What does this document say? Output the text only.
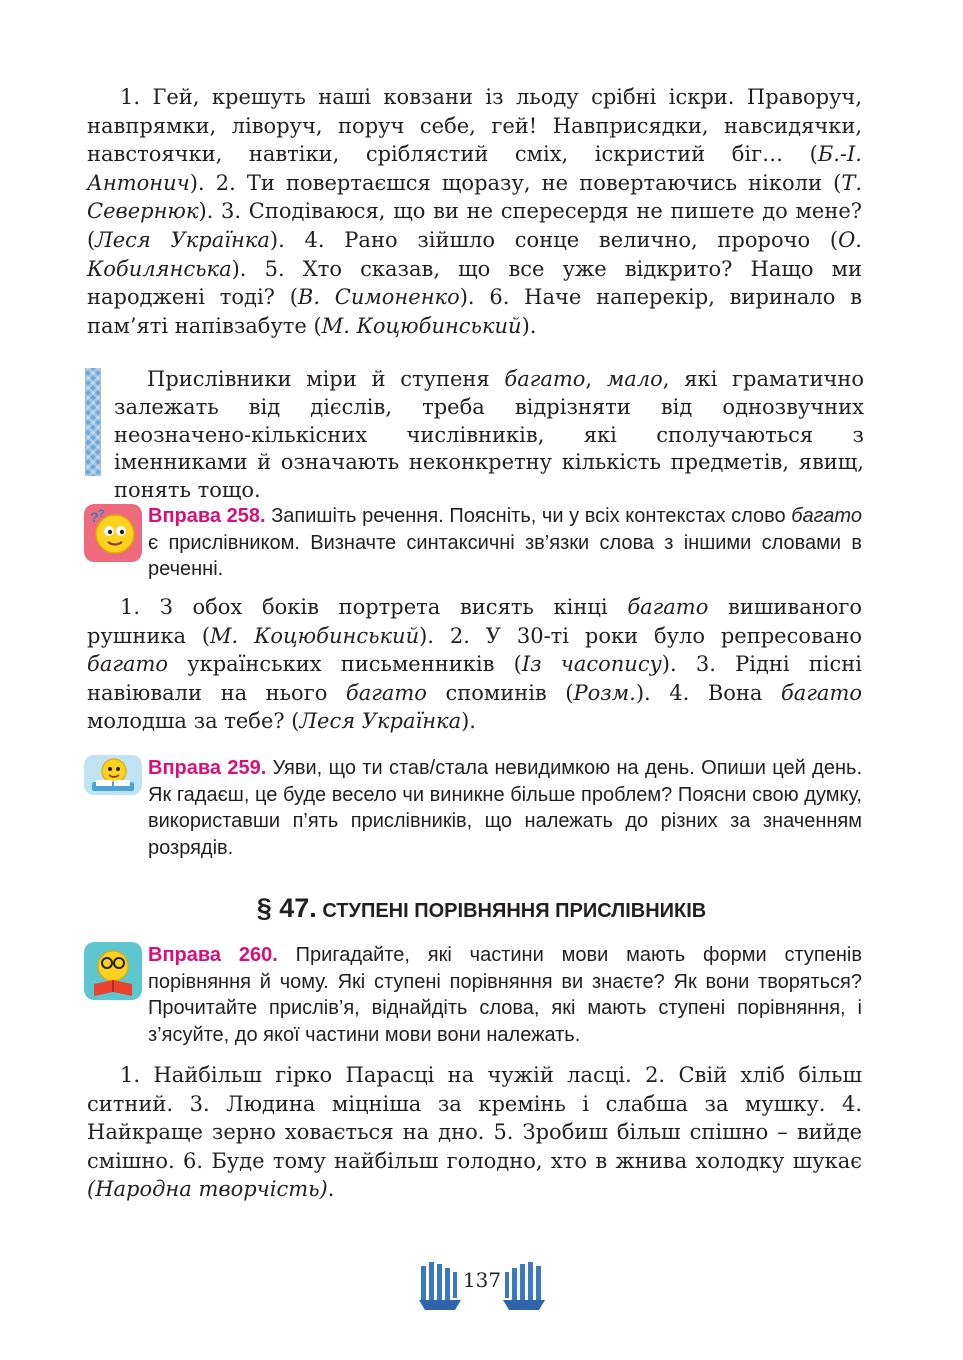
1. Гей, крешуть наші ковзани із льоду срібні іскри. Праворуч, навпрямки, ліворуч, поруч себе, гей! Навприсядки, навсидячки, навстоячки, навтіки, сріблястий сміх, іскристий біг… (Б.-І. Антонич). 2. Ти повертаєшся щоразу, не повертаючись ніколи (Т. Севернюк). 3. Сподіваюся, що ви не спересердя не пишете до мене? (Леся Українка). 4. Рано зійшло сонце велично, пророчо (О. Кобилянська). 5. Хто сказав, що все уже відкрито? Нащо ми народжені тоді? (В. Симоненко). 6. Наче наперекір, виринало в пам’яті напівзабуте (М. Коцюбинський).

Прислівники міри й ступеня багато, мало, які граматично залежать від дієслів, треба відрізняти від однозвучних неозначено-кількісних числівників, які сполучаються з іменниками й означають неконкретну кількість предметів, явищ, понять тощо.

? ? Вправа 258. Запишіть речення. Поясніть, чи у всіх контекстах слово багато є прислівником. Визначте синтаксичні зв’язки слова з іншими словами в реченні.

1. З обох боків портрета висять кінці багато вишиваного рушника (М. Коцюбинський). 2. У 30-ті роки було репресовано багато українських письменників (Із часопису). 3. Рідні пісні навіювали на нього багато споминів (Розм.). 4. Вона багато молодша за тебе? (Леся Українка).

Вправа 259. Уяви, що ти став/стала невидимкою на день. Опиши цей день. Як гадаєш, це буде весело чи виникне більше проблем? Поясни свою думку, використавши п’ять прислівників, що належать до різних за значенням розрядів.

§ 47. СТУПЕНІ ПОРІВНЯННЯ ПРИСЛІВНИКІВ

Вправа 260. Пригадайте, які частини мови мають форми ступенів порівняння й чому. Які ступені порівняння ви знаєте? Як вони творяться? Прочитайте прислів’я, віднайдіть слова, які мають ступені порівняння, і з’ясуйте, до якої частини мови вони належать.

1. Найбільш гірко Парасці на чужій ласці. 2. Свій хліб більш ситний. 3. Людина міцніша за кремінь і слабша за мушку. 4. Найкраще зерно ховається на дно. 5. Зробиш більш спішно – вийде смішно. 6. Буде тому найбільш голодно, хто в жнива холодку шукає (Народна творчість).

137
